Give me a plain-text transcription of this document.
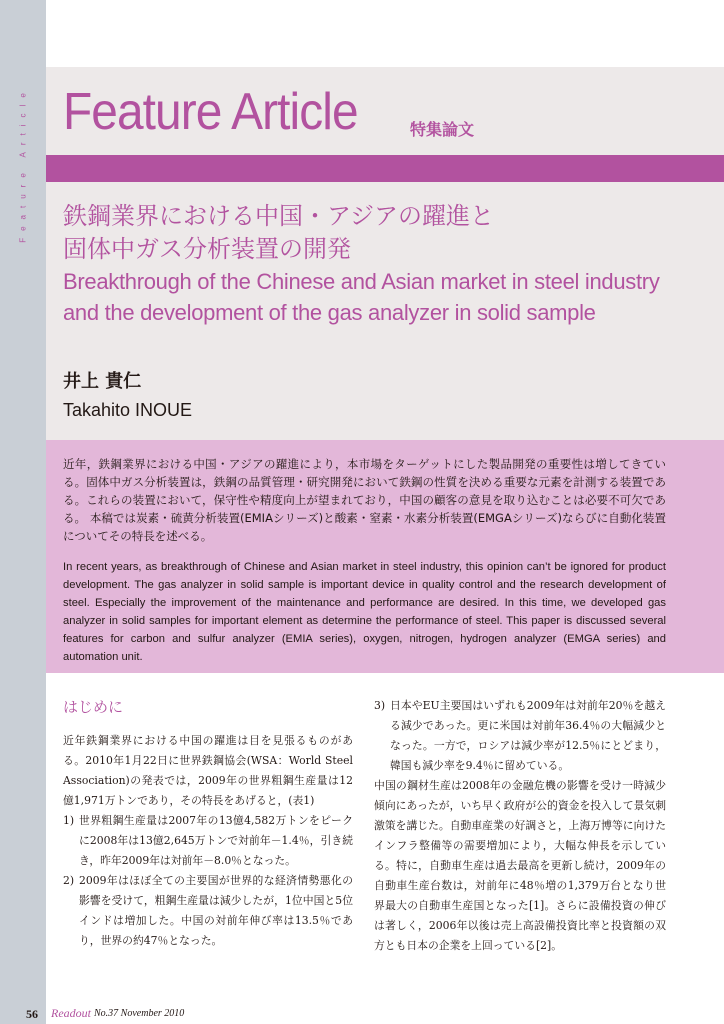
Feature Article Feature Article	特集論文
鉄鋼業界における中国・アジアの躍進と
固体中ガス分析装置の開発
Breakthrough of the Chinese and Asian market in steel industry
and the development of the gas analyzer in solid sample
井上 貴仁
Takahito INOUE

近年，鉄鋼業界における中国・アジアの躍進により，本市場をターゲットにした製品開発の重要性は増してきている。固体中ガス分析装置は，鉄鋼の品質管理・研究開発において鉄鋼の性質を決める重要な元素を計測する装置である。これらの装置において，保守性や精度向上が望まれており，中国の顧客の意見を取り込むことは必要不可欠である。 本稿では炭素・硫黄分析装置(EMIAシリーズ)と酸素・窒素・水素分析装置(EMGAシリーズ)ならびに自動化装置についてその特長を述べる。

In recent years, as breakthrough of Chinese and Asian market in steel industry, this opinion can’t be ignored for product development. The gas analyzer in solid sample is important device in quality control and the research development of steel. Especially the improvement of the maintenance and performance are desired. In this time, we developed gas analyzer in solid samples for important element as determine the performance of steel. This paper is discussed several features for carbon and sulfur analyzer (EMIA series), oxygen, nitrogen, hydrogen analyzer (EMGA series) and automation unit.

はじめに

近年鉄鋼業界における中国の躍進は目を見張るものがある。2010年1月22日に世界鉄鋼協会(WSA：World Steel Association)の発表では，2009年の世界粗鋼生産量は12億1,971万トンであり，その特長をあげると，(表1)

1) 世界粗鋼生産量は2007年の13億4,582万トンをピークに2008年は13億2,645万トンで対前年－1.4％，引き続き，昨年2009年は対前年－8.0％となった。
2) 2009年はほぼ全ての主要国が世界的な経済情勢悪化の影響を受けて，粗鋼生産量は減少したが，1位中国と5位インドは増加した。中国の対前年伸び率は13.5％であり，世界の約47％となった。
3) 日本やEU主要国はいずれも2009年は対前年20％を越える減少であった。更に米国は対前年36.4％の大幅減少となった。一方で，ロシアは減少率が12.5％にとどまり，韓国も減少率を9.4％に留めている。

中国の鋼材生産は2008年の金融危機の影響を受け一時減少傾向にあったが，いち早く政府が公的資金を投入して景気刺激策を講じた。自動車産業の好調さと，上海万博等に向けたインフラ整備等の需要増加により，大幅な伸長を示している。特に，自動車生産は過去最高を更新し続け，2009年の自動車生産台数は，対前年に48％増の1,379万台となり世界最大の自動車生産国となった[1]。さらに設備投資の伸びは著しく，2006年以後は売上高設備投資比率と投資額の双方とも日本の企業を上回っている[2]。

56 Readout No.37 November 2010
